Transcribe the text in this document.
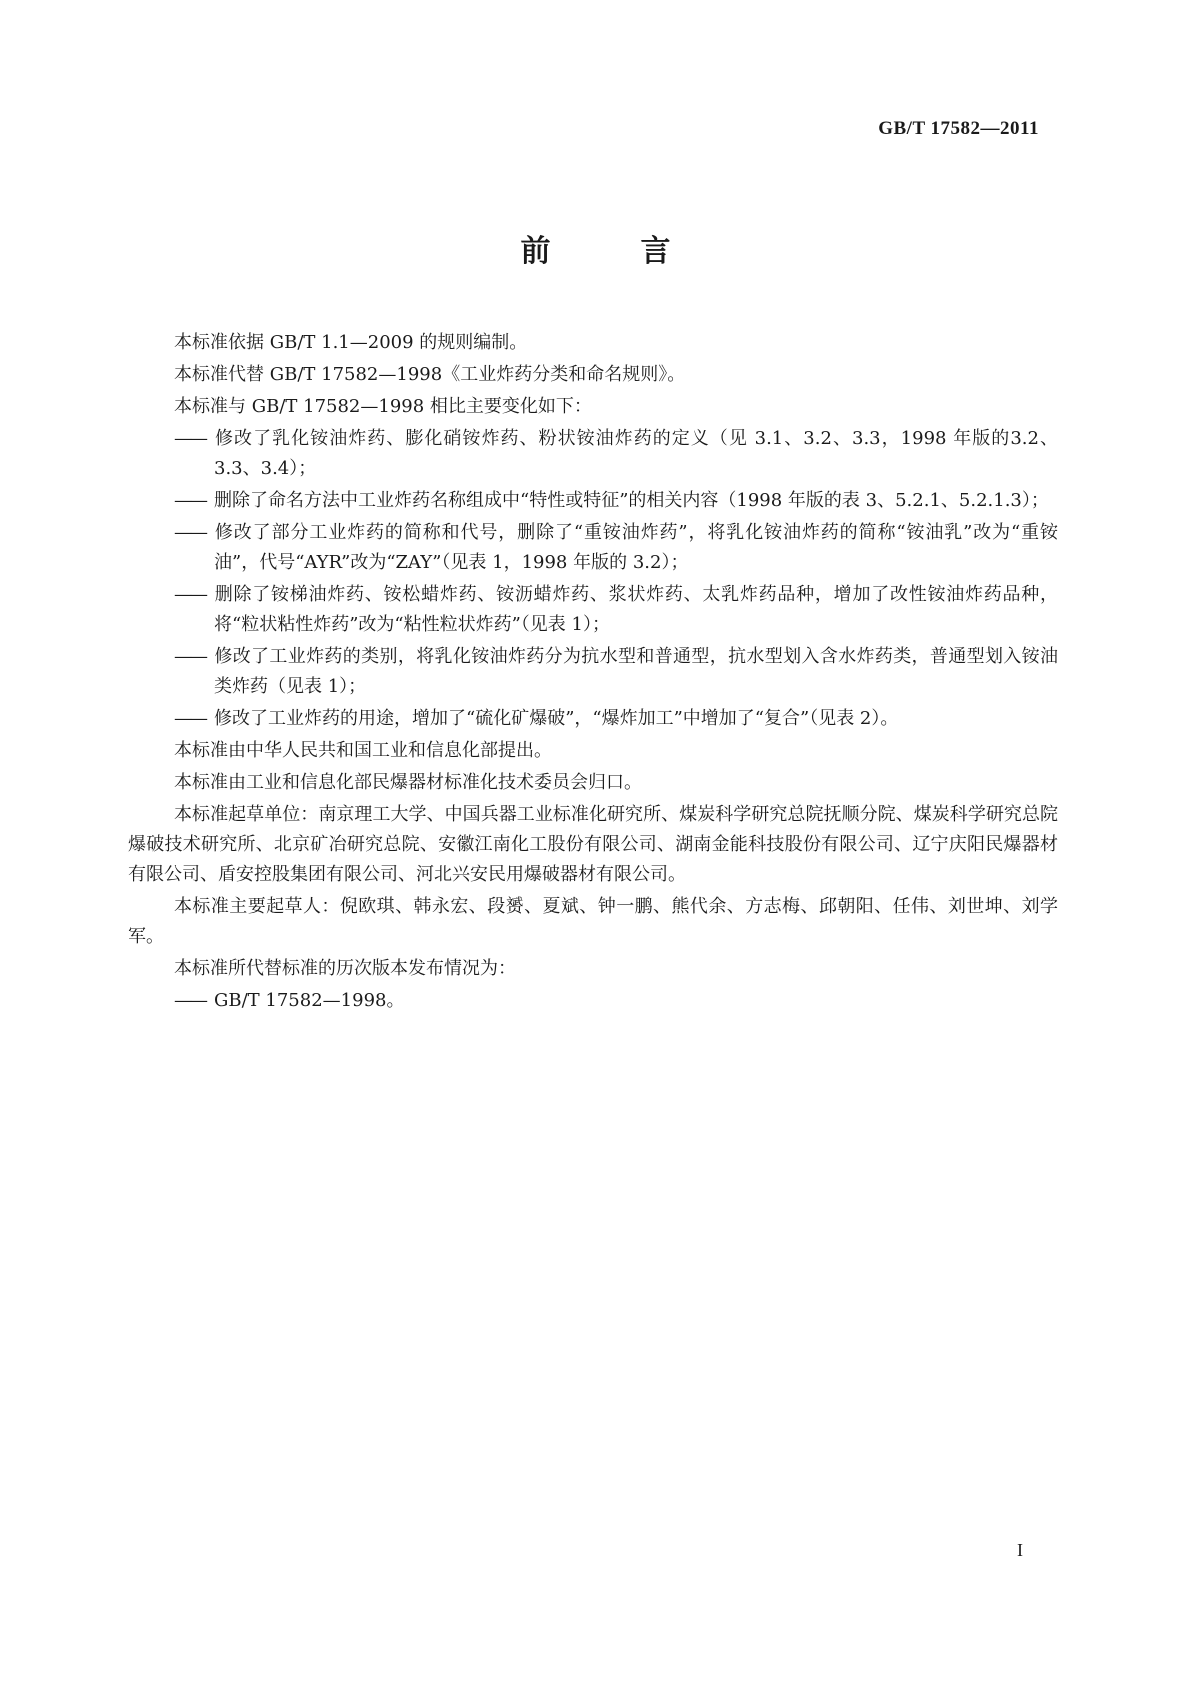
GB/T 17582—2011
前　言

本标准依据 GB/T 1.1—2009 的规则编制。

本标准代替 GB/T 17582—1998《工业炸药分类和命名规则》。

本标准与 GB/T 17582—1998 相比主要变化如下：

—— 修改了乳化铵油炸药、膨化硝铵炸药、粉状铵油炸药的定义（见 3.1、3.2、3.3，1998 年版的3.2、3.3、3.4）；

—— 删除了命名方法中工业炸药名称组成中“特性或特征”的相关内容（1998 年版的表 3、5.2.1、5.2.1.3）；

—— 修改了部分工业炸药的简称和代号，删除了“重铵油炸药”，将乳化铵油炸药的简称“铵油乳”改为“重铵油”，代号“AYR”改为“ZAY”（见表 1，1998 年版的 3.2）；

—— 删除了铵梯油炸药、铵松蜡炸药、铵沥蜡炸药、浆状炸药、太乳炸药品种，增加了改性铵油炸药品种，将“粒状粘性炸药”改为“粘性粒状炸药”（见表 1）；

—— 修改了工业炸药的类别，将乳化铵油炸药分为抗水型和普通型，抗水型划入含水炸药类，普通型划入铵油类炸药（见表 1）；

—— 修改了工业炸药的用途，增加了“硫化矿爆破”，“爆炸加工”中增加了“复合”（见表 2）。

本标准由中华人民共和国工业和信息化部提出。

本标准由工业和信息化部民爆器材标准化技术委员会归口。

本标准起草单位：南京理工大学、中国兵器工业标准化研究所、煤炭科学研究总院抚顺分院、煤炭科学研究总院爆破技术研究所、北京矿冶研究总院、安徽江南化工股份有限公司、湖南金能科技股份有限公司、辽宁庆阳民爆器材有限公司、盾安控股集团有限公司、河北兴安民用爆破器材有限公司。

本标准主要起草人：倪欧琪、韩永宏、段赟、夏斌、钟一鹏、熊代余、方志梅、邱朝阳、任伟、刘世坤、刘学军。

本标准所代替标准的历次版本发布情况为：

—— GB/T 17582—1998。

I
